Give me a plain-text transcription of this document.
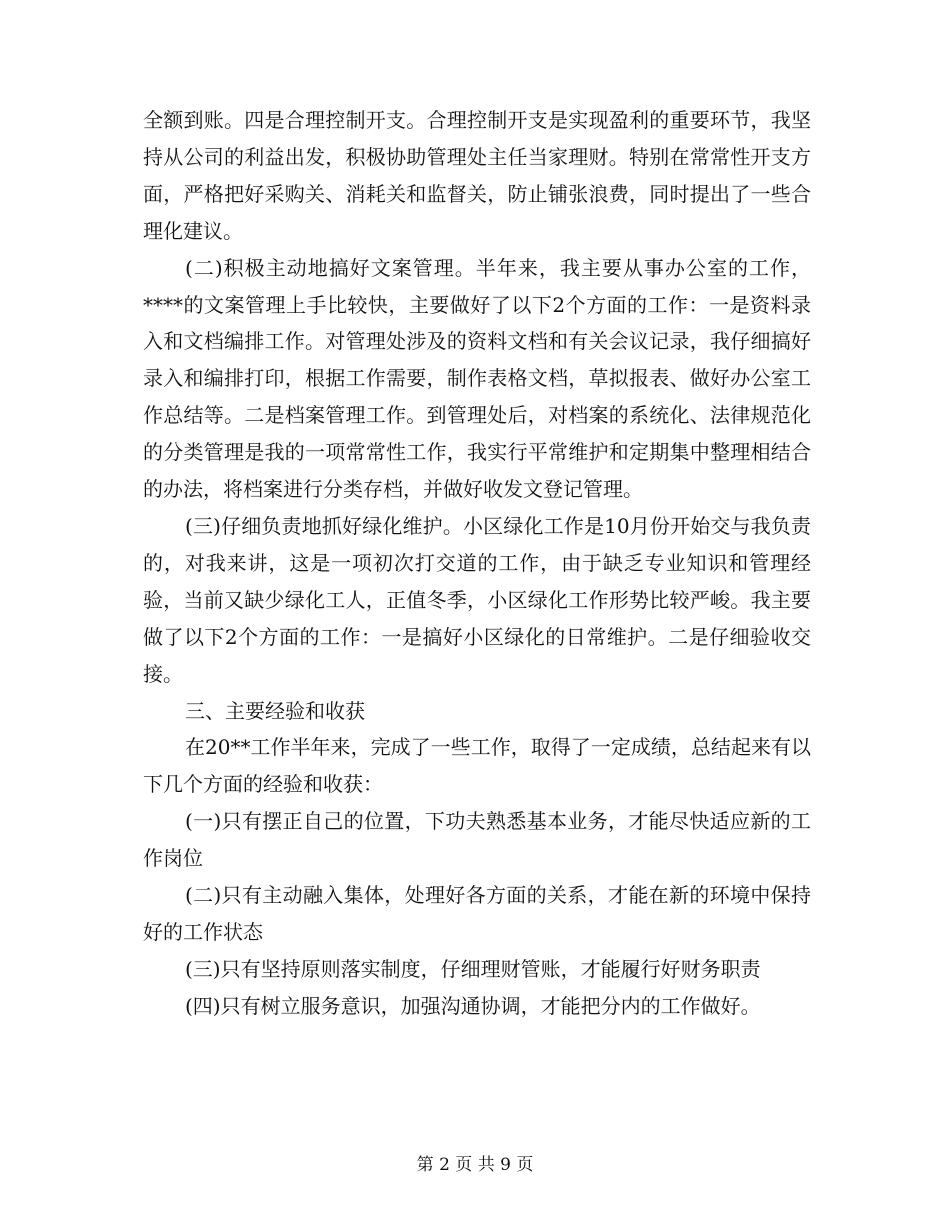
全额到账。四是合理控制开支。合理控制开支是实现盈利的重要环节，我坚持从公司的利益出发，积极协助管理处主任当家理财。特别在常常性开支方面，严格把好采购关、消耗关和监督关，防止铺张浪费，同时提出了一些合理化建议。

(二)积极主动地搞好文案管理。半年来，我主要从事办公室的工作，****的文案管理上手比较快，主要做好了以下2个方面的工作：一是资料录入和文档编排工作。对管理处涉及的资料文档和有关会议记录，我仔细搞好录入和编排打印，根据工作需要，制作表格文档，草拟报表、做好办公室工作总结等。二是档案管理工作。到管理处后，对档案的系统化、法律规范化的分类管理是我的一项常常性工作，我实行平常维护和定期集中整理相结合的办法，将档案进行分类存档，并做好收发文登记管理。

(三)仔细负责地抓好绿化维护。小区绿化工作是10月份开始交与我负责的，对我来讲，这是一项初次打交道的工作，由于缺乏专业知识和管理经验，当前又缺少绿化工人，正值冬季，小区绿化工作形势比较严峻。我主要做了以下2个方面的工作：一是搞好小区绿化的日常维护。二是仔细验收交接。

三、主要经验和收获

在20**工作半年来，完成了一些工作，取得了一定成绩，总结起来有以下几个方面的经验和收获：

(一)只有摆正自己的位置，下功夫熟悉基本业务，才能尽快适应新的工作岗位

(二)只有主动融入集体，处理好各方面的关系，才能在新的环境中保持好的工作状态

(三)只有坚持原则落实制度，仔细理财管账，才能履行好财务职责

(四)只有树立服务意识，加强沟通协调，才能把分内的工作做好。

第 2 页 共 9 页
